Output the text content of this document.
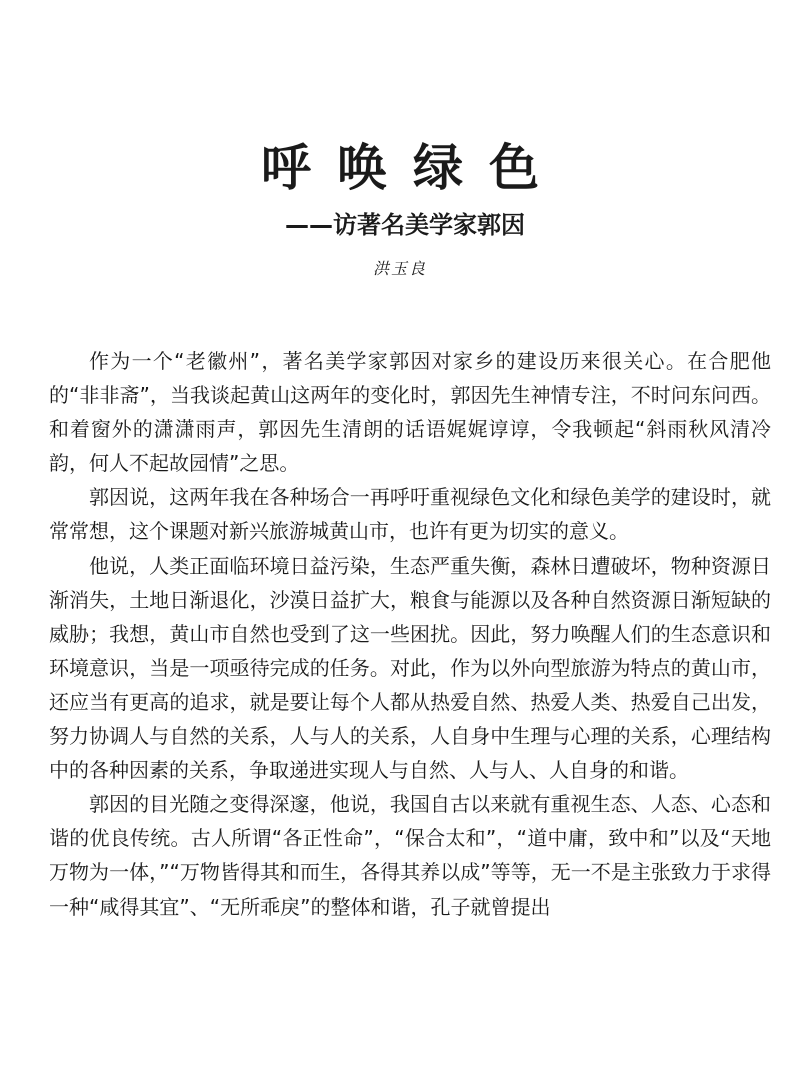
呼唤绿色
——访著名美学家郭因
洪玉良

作为一个“老徽州”，著名美学家郭因对家乡的建设历来很关心。在合肥他的“非非斋”，当我谈起黄山这两年的变化时，郭因先生神情专注，不时问东问西。和着窗外的潇潇雨声，郭因先生清朗的话语娓娓谆谆，令我顿起“斜雨秋风清冷韵，何人不起故园情”之思。

郭因说，这两年我在各种场合一再呼吁重视绿色文化和绿色美学的建设时，就常常想，这个课题对新兴旅游城黄山市，也许有更为切实的意义。

他说，人类正面临环境日益污染，生态严重失衡，森林日遭破坏，物种资源日渐消失，土地日渐退化，沙漠日益扩大，粮食与能源以及各种自然资源日渐短缺的威胁；我想，黄山市自然也受到了这一些困扰。因此，努力唤醒人们的生态意识和环境意识，当是一项亟待完成的任务。对此，作为以外向型旅游为特点的黄山市，还应当有更高的追求，就是要让每个人都从热爱自然、热爱人类、热爱自己出发，努力协调人与自然的关系，人与人的关系，人自身中生理与心理的关系，心理结构中的各种因素的关系，争取递进实现人与自然、人与人、人自身的和谐。

郭因的目光随之变得深邃，他说，我国自古以来就有重视生态、人态、心态和谐的优良传统。古人所谓“各正性命”，“保合太和”，“道中庸，致中和”以及“天地万物为一体，”“万物皆得其和而生，各得其养以成”等等，无一不是主张致力于求得一种“咸得其宜”、“无所乖戾”的整体和谐，孔子就曾提出
